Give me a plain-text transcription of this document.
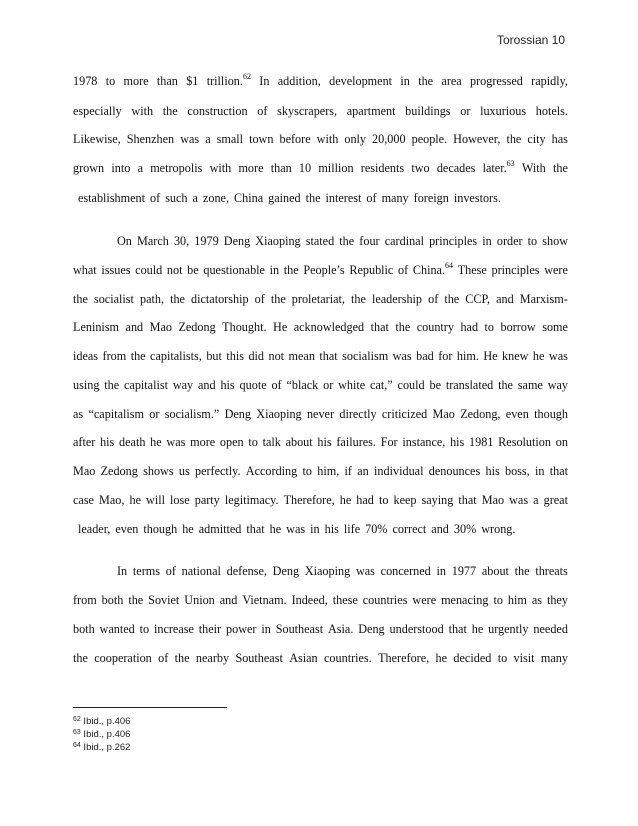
Torossian 10
1978 to more than $1 trillion.$^{62}$ In addition, development in the area progressed rapidly,
especially with the construction of skyscrapers, apartment buildings or luxurious hotels.
Likewise, Shenzhen was a small town before with only 20,000 people. However, the city has
grown into a metropolis with more than 10 million residents two decades later.$^{63}$ With the
establishment of such a zone, China gained the interest of many foreign investors.
On March 30, 1979 Deng Xiaoping stated the four cardinal principles in order to show
what issues could not be questionable in the People’s Republic of China.$^{64}$ These principles were
the socialist path, the dictatorship of the proletariat, the leadership of the CCP, and Marxism-
Leninism and Mao Zedong Thought. He acknowledged that the country had to borrow some
ideas from the capitalists, but this did not mean that socialism was bad for him. He knew he was
using the capitalist way and his quote of “black or white cat,” could be translated the same way
as “capitalism or socialism.” Deng Xiaoping never directly criticized Mao Zedong, even though
after his death he was more open to talk about his failures. For instance, his 1981 Resolution on
Mao Zedong shows us perfectly. According to him, if an individual denounces his boss, in that
case Mao, he will lose party legitimacy. Therefore, he had to keep saying that Mao was a great
leader, even though he admitted that he was in his life 70% correct and 30% wrong.
In terms of national defense, Deng Xiaoping was concerned in 1977 about the threats
from both the Soviet Union and Vietnam. Indeed, these countries were menacing to him as they
both wanted to increase their power in Southeast Asia. Deng understood that he urgently needed
the cooperation of the nearby Southeast Asian countries. Therefore, he decided to visit many
$^{62}$ Ibid., p.406
$^{63}$ Ibid., p.406
$^{64}$ Ibid., p.262
